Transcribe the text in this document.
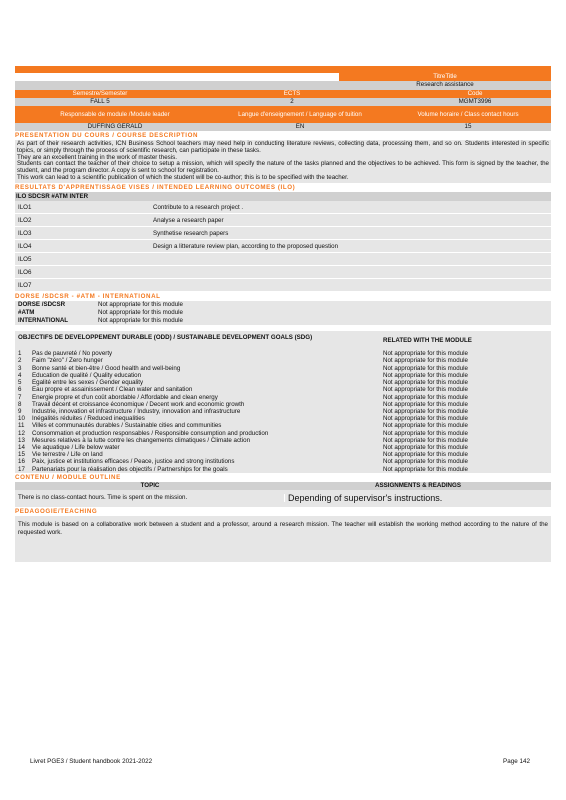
TitreTitle
Research assistance
Semestre/Semester	ECTS	Code
FALL 5	2	MGMT3996
Responsable de module /Module leader	Langue d'enseignement / Language of tuition	Volume horaire / Class contact hours
DUFFING GERALD	EN	15
PRESENTATION DU COURS / COURSE DESCRIPTION
As part of their research activities, ICN Business School teachers may need help in conducting literature reviews, collecting data, processing them, and so on. Students interested in specific topics, or simply through the process of scientific research, can participate in these tasks.
They are an excellent training in the work of master thesis.
Students can contact the teacher of their choice to setup a mission, which will specify the nature of the tasks planned and the objectives to be achieved. This form is signed by the teacher, the student, and the program director. A copy is sent to school for registration.
This work can lead to a scientific publication of which the student will be co-author; this is to be specified with the teacher.
RESULTATS D'APPRENTISSAGE VISES / INTENDED LEARNING OUTCOMES (ILO)
ILO SDCSR #ATM INTER
ILO1	Contribute to a research project .
ILO2	Analyse a research paper
ILO3	Synthetise research papers
ILO4	Design a litterature review plan, according to the proposed question
ILO5	
ILO6	
ILO7	
DORSE /SDCSR - #ATM - INTERNATIONAL
DORSE /SDCSR	Not appropriate for this module
#ATM	Not appropriate for this module
INTERNATIONAL	Not appropriate for this module
OBJECTIFS DE DEVELOPPEMENT DURABLE (ODD) / SUSTAINABLE DEVELOPMENT GOALS (SDG)	RELATED WITH THE MODULE
1	Pas de pauvreté / No poverty	Not appropriate for this module
2	Faim "zéro" / Zero hunger	Not appropriate for this module
3	Bonne santé et bien-être / Good health and well-being	Not appropriate for this module
4	Education de qualité / Quality education	Not appropriate for this module
5	Egalité entre les sexes / Gender equality	Not appropriate for this module
6	Eau propre et assainissement / Clean water and sanitation	Not appropriate for this module
7	Energie propre et d'un coût abordable / Affordable and clean energy	Not appropriate for this module
8	Travail décent et croissance économique / Decent work and economic growth	Not appropriate for this module
9	Industrie, innovation et infrastructure / Industry, innovation and infrastructure	Not appropriate for this module
10	Inégalités réduites / Reduced inequalities	Not appropriate for this module
11	Villes et communautés durables / Sustainable cities and communities	Not appropriate for this module
12	Consommation et production responsables / Responsible consumption and production	Not appropriate for this module
13	Mesures relatives à la lutte contre les changements climatiques / Climate action	Not appropriate for this module
14	Vie aquatique / Life below water	Not appropriate for this module
15	Vie terrestre / Life on land	Not appropriate for this module
16	Paix, justice et institutions efficaces / Peace, justice and strong institutions	Not appropriate for this module
17	Partenariats pour la réalisation des objectifs / Partnerships for the goals	Not appropriate for this module
CONTENU / MODULE OUTLINE
TOPIC	ASSIGNMENTS & READINGS
There is no class-contact hours. Time is spent on the mission.	Depending of supervisor's instructions.
PEDAGOGIE/TEACHING
This module is based on a collaborative work between a student and a professor, around a research mission. The teacher will establish the working method according to the nature of the requested work.
Livret PGE3 / Student handbook 2021-2022	Page 142
